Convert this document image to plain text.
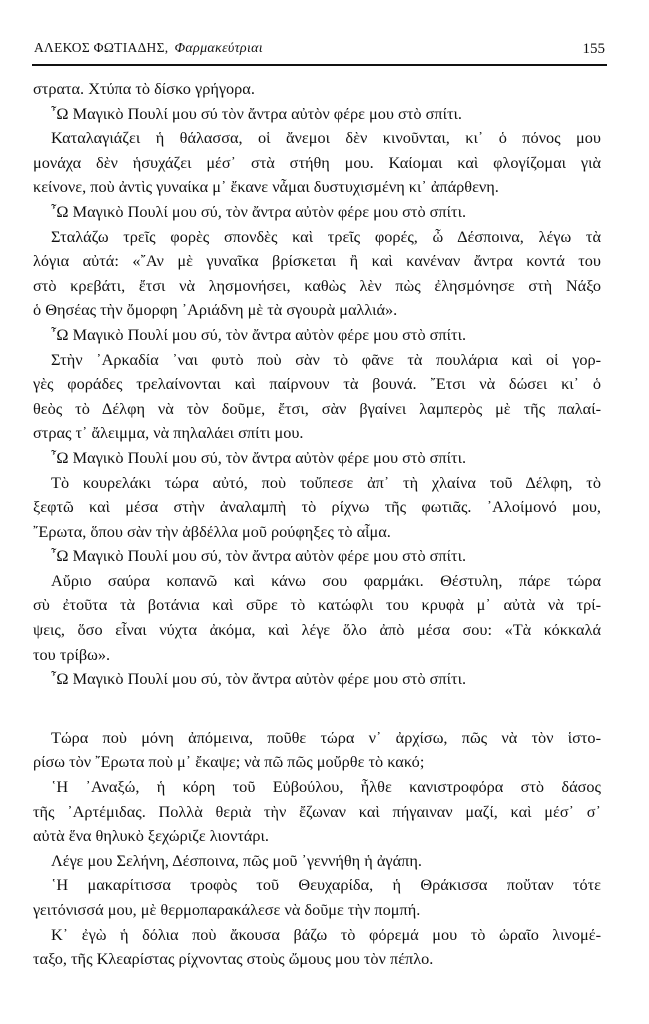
ΑΛΕΚΟΣ ΦΩΤΙΑΔΗΣ, Φαρμακεύτριαι	155
στρατα. Χτύπα τὸ δίσκο γρήγορα.
῏Ω Μαγικὸ Πουλί μου σύ τὸν ἄντρα αὐτὸν φέρε μου στὸ σπίτι.
Καταλαγιάζει ἡ θάλασσα, οἱ ἄνεμοι δὲν κινοῦνται, κι᾿ ὁ πόνος μου
μονάχα δὲν ἡσυχάζει μέσ᾿ στὰ στήθη μου. Καίομαι καὶ φλογίζομαι γιὰ
κείνονε, ποὺ ἀντὶς γυναίκα μ᾿ ἔκανε νἆμαι δυστυχισμένη κι᾿ ἀπάρθενη.
῏Ω Μαγικὸ Πουλί μου σύ, τὸν ἄντρα αὐτὸν φέρε μου στὸ σπίτι.
Σταλάζω τρεῖς φορὲς σπονδὲς καὶ τρεῖς φορές, ὦ Δέσποινα, λέγω τὰ
λόγια αὐτά: «῎Αν μὲ γυναῖκα βρίσκεται ἢ καὶ κανέναν ἄντρα κοντά του
στὸ κρεβάτι, ἔτσι νὰ λησμονήσει, καθὼς λὲν πὼς ἐλησμόνησε στὴ Νάξο
ὁ Θησέας τὴν ὄμορφη ᾿Αριάδνη μὲ τὰ σγουρὰ μαλλιά».
῏Ω Μαγικὸ Πουλί μου σύ, τὸν ἄντρα αὐτὸν φέρε μου στὸ σπίτι.
Στὴν ᾿Αρκαδία ᾿ναι φυτὸ ποὺ σὰν τὸ φᾶνε τὰ πουλάρια καὶ οἱ γορ-
γὲς φοράδες τρελαίνονται καὶ παίρνουν τὰ βουνά. ῎Ετσι νὰ δώσει κι᾿ ὁ
θεὸς τὸ Δέλφη νὰ τὸν δοῦμε, ἔτσι, σὰν βγαίνει λαμπερὸς μὲ τῆς παλαί-
στρας τ᾿ ἄλειμμα, νὰ πηλαλάει σπίτι μου.
῏Ω Μαγικὸ Πουλί μου σύ, τὸν ἄντρα αὐτὸν φέρε μου στὸ σπίτι.
Τὸ κουρελάκι τώρα αὐτό, ποὺ τοὔπεσε ἀπ᾿ τὴ χλαίνα τοῦ Δέλφη, τὸ
ξεφτῶ καὶ μέσα στὴν ἀναλαμπὴ τὸ ρίχνω τῆς φωτιᾶς. ᾿Αλοίμονό μου,
῎Ερωτα, ὅπου σὰν τὴν ἀβδέλλα μοῦ ρούφηξες τὸ αἷμα.
῏Ω Μαγικὸ Πουλί μου σύ, τὸν ἄντρα αὐτὸν φέρε μου στὸ σπίτι.
Αὔριο σαύρα κοπανῶ καὶ κάνω σου φαρμάκι. Θέστυλη, πάρε τώρα
σὺ ἐτοῦτα τὰ βοτάνια καὶ σῦρε τὸ κατώφλι του κρυφὰ μ᾿ αὐτὰ νὰ τρί-
ψεις, ὅσο εἶναι νύχτα ἀκόμα, καὶ λέγε ὅλο ἀπὸ μέσα σου: «Τὰ κόκκαλά
του τρίβω».
῏Ω Μαγικὸ Πουλί μου σύ, τὸν ἄντρα αὐτὸν φέρε μου στὸ σπίτι.
Τώρα ποὺ μόνη ἀπόμεινα, ποῦθε τώρα ν᾿ ἀρχίσω, πῶς νὰ τὸν ἱστο-
ρίσω τὸν ῎Ερωτα ποὺ μ᾿ ἔκαψε; νὰ πῶ πῶς μοὔρθε τὸ κακό;
῾Η ᾿Αναξώ, ἡ κόρη τοῦ Εὐβούλου, ἦλθε κανιστροφόρα στὸ δάσος
τῆς ᾿Αρτέμιδας. Πολλὰ θεριὰ τὴν ἔζωναν καὶ πήγαιναν μαζί, καὶ μέσ᾿ σ᾿
αὐτὰ ἕνα θηλυκὸ ξεχώριζε λιοντάρι.
Λέγε μου Σελήνη, Δέσποινα, πῶς μοῦ ᾿γεννήθη ἡ ἀγάπη.
῾Η μακαρίτισσα τροφὸς τοῦ Θευχαρίδα, ἡ Θράκισσα ποὔταν τότε
γειτόνισσά μου, μὲ θερμοπαρακάλεσε νὰ δοῦμε τὴν πομπή.
Κ᾿ ἐγὼ ἡ δόλια ποὺ ἄκουσα βάζω τὸ φόρεμά μου τὸ ὡραῖο λινομέ-
ταξο, τῆς Κλεαρίστας ρίχνοντας στοὺς ὤμους μου τὸν πέπλο.
